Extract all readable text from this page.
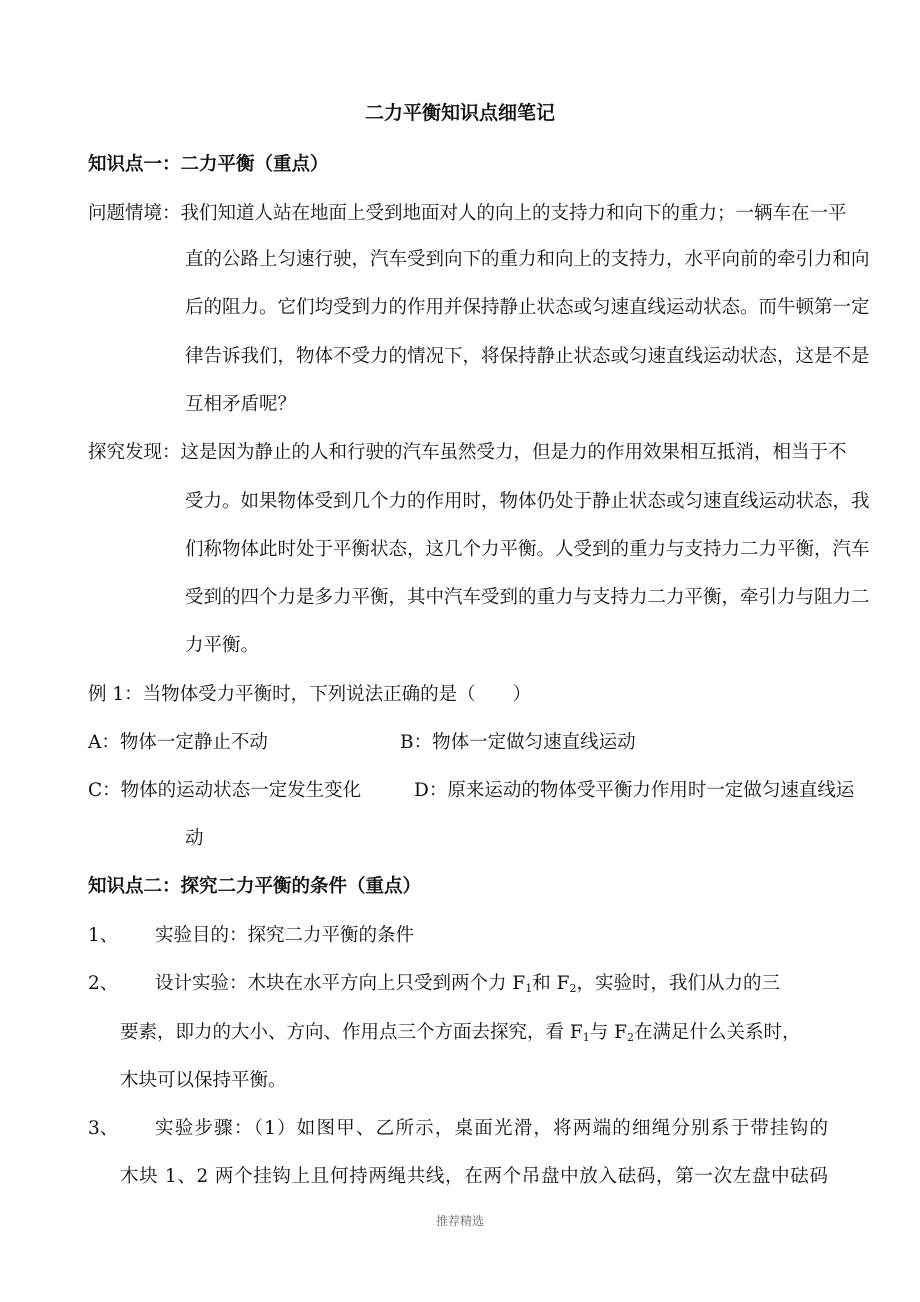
二力平衡知识点细笔记
知识点一：二力平衡（重点）
问题情境：我们知道人站在地面上受到地面对人的向上的支持力和向下的重力；一辆车在一平
直的公路上匀速行驶，汽车受到向下的重力和向上的支持力，水平向前的牵引力和向
后的阻力。它们均受到力的作用并保持静止状态或匀速直线运动状态。而牛顿第一定
律告诉我们，物体不受力的情况下，将保持静止状态或匀速直线运动状态，这是不是
互相矛盾呢？
探究发现：这是因为静止的人和行驶的汽车虽然受力，但是力的作用效果相互抵消，相当于不
受力。如果物体受到几个力的作用时，物体仍处于静止状态或匀速直线运动状态，我
们称物体此时处于平衡状态，这几个力平衡。人受到的重力与支持力二力平衡，汽车
受到的四个力是多力平衡，其中汽车受到的重力与支持力二力平衡，牵引力与阻力二
力平衡。
例 1：当物体受力平衡时，下列说法正确的是（　　）
A：物体一定静止不动	B：物体一定做匀速直线运动
C：物体的运动状态一定发生变化	D：原来运动的物体受平衡力作用时一定做匀速直线运
动
知识点二：探究二力平衡的条件（重点）
1、 实验目的：探究二力平衡的条件
2、 设计实验：木块在水平方向上只受到两个力 $F_1$和 $F_2$，实验时，我们从力的三
要素，即力的大小、方向、作用点三个方面去探究，看 $F_1$与 $F_2$在满足什么关系时，
木块可以保持平衡。
3、 实验步骤：（1）如图甲、乙所示，桌面光滑，将两端的细绳分别系于带挂钩的
木块 1、2 两个挂钩上且何持两绳共线，在两个吊盘中放入砝码，第一次左盘中砝码
推荐精选
